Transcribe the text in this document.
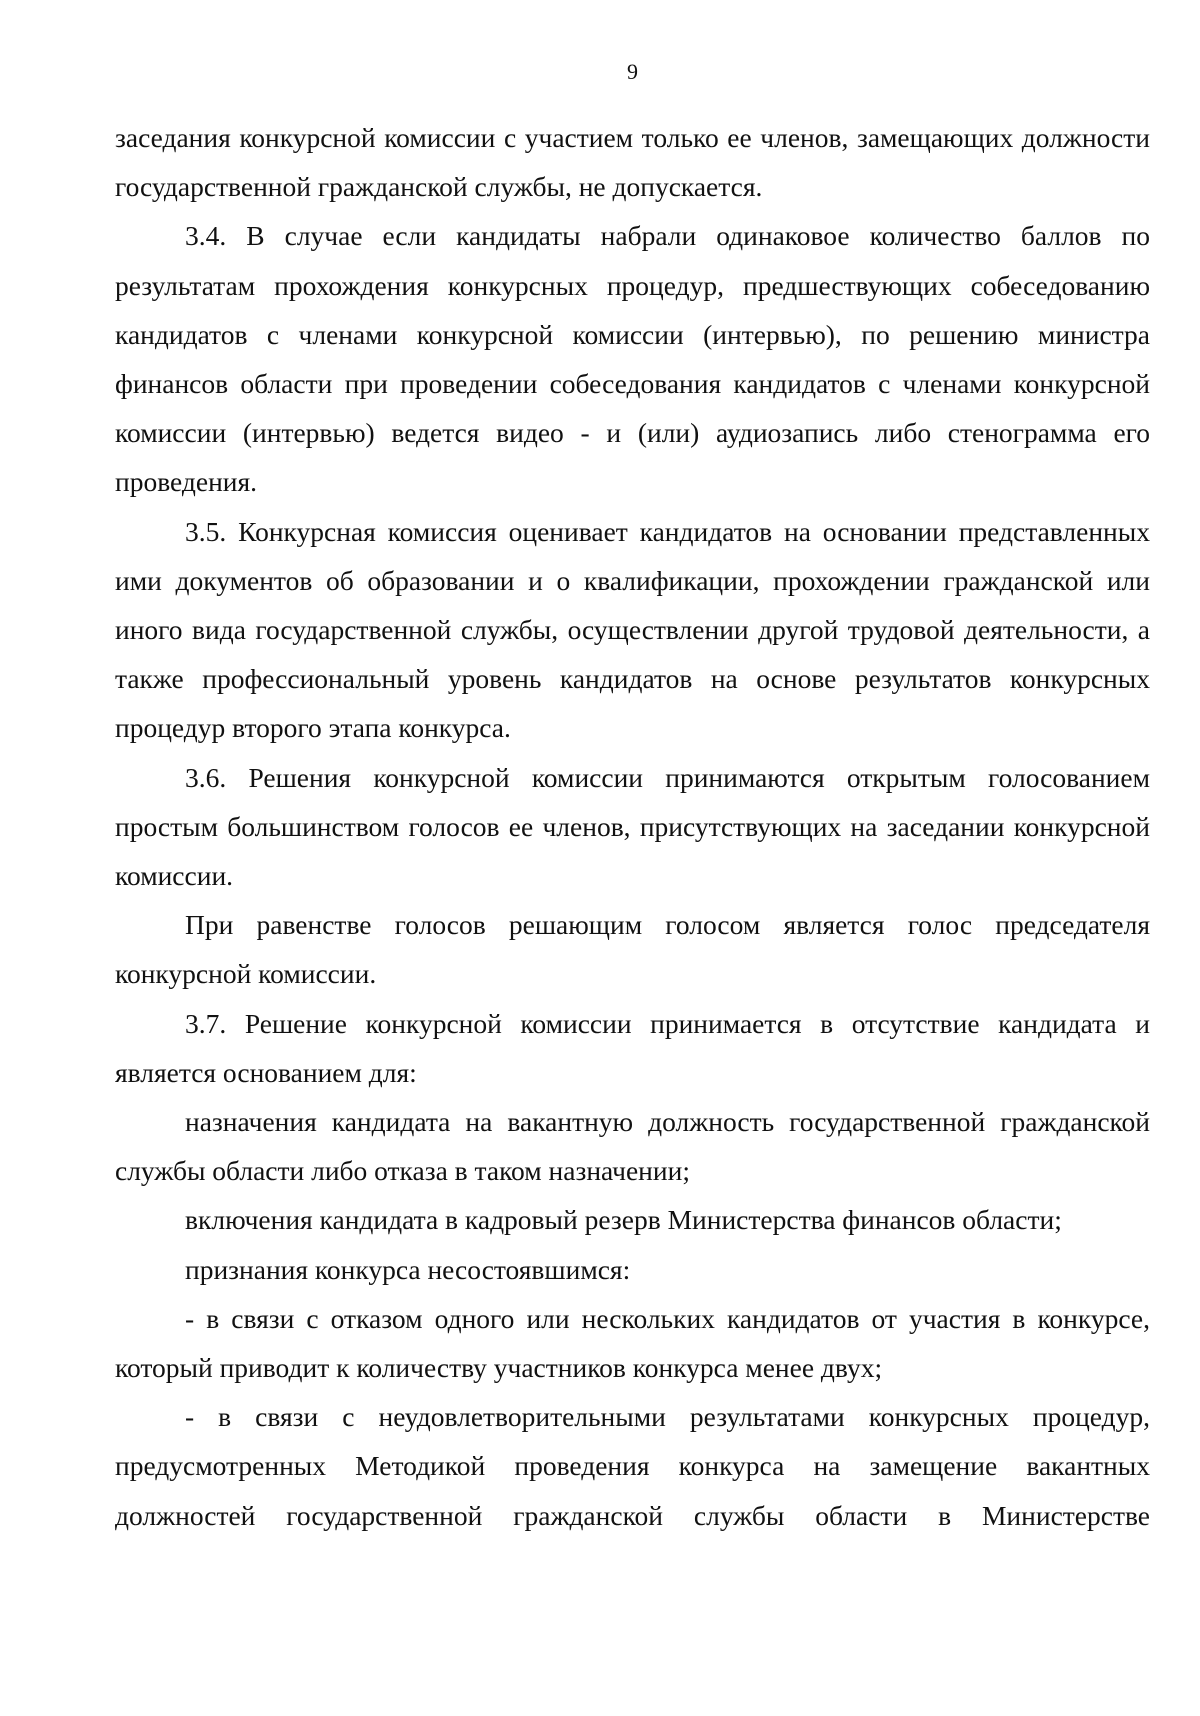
9

заседания конкурсной комиссии с участием только ее членов, замещающих должности государственной гражданской службы, не допускается.

3.4. В случае если кандидаты набрали одинаковое количество баллов по результатам прохождения конкурсных процедур, предшествующих собеседованию кандидатов с членами конкурсной комиссии (интервью), по решению министра финансов области при проведении собеседования кандидатов с членами конкурсной комиссии (интервью) ведется видео - и (или) аудиозапись либо стенограмма его проведения.

3.5. Конкурсная комиссия оценивает кандидатов на основании представленных ими документов об образовании и о квалификации, прохождении гражданской или иного вида государственной службы, осуществлении другой трудовой деятельности, а также профессиональный уровень кандидатов на основе результатов конкурсных процедур второго этапа конкурса.

3.6. Решения конкурсной комиссии принимаются открытым голосованием простым большинством голосов ее членов, присутствующих на заседании конкурсной комиссии.

При равенстве голосов решающим голосом является голос председателя конкурсной комиссии.

3.7. Решение конкурсной комиссии принимается в отсутствие кандидата и является основанием для:

назначения кандидата на вакантную должность государственной гражданской службы области либо отказа в таком назначении;

включения кандидата в кадровый резерв Министерства финансов области;

признания конкурса несостоявшимся:

- в связи с отказом одного или нескольких кандидатов от участия в конкурсе, который приводит к количеству участников конкурса менее двух;

- в связи с неудовлетворительными результатами конкурсных процедур, предусмотренных Методикой проведения конкурса на замещение вакантных должностей государственной гражданской службы области в Министерстве
